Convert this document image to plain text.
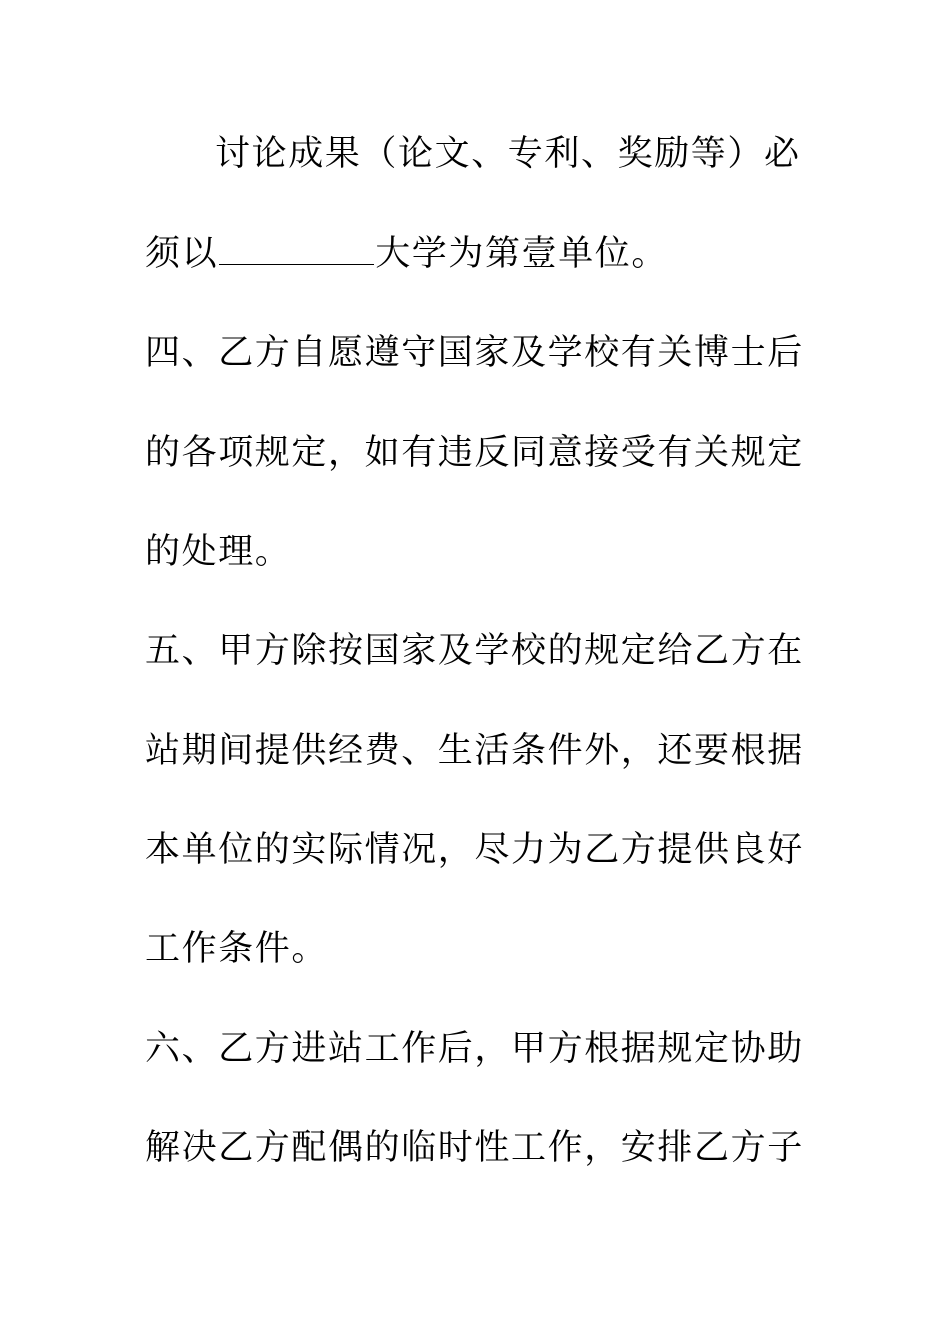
讨论成果（论文、专利、奖励等）必
须以	大学为第壹单位。
四、乙方自愿遵守国家及学校有关博士后
的各项规定，如有违反同意接受有关规定
的处理。
五、甲方除按国家及学校的规定给乙方在
站期间提供经费、生活条件外，还要根据
本单位的实际情况，尽力为乙方提供良好
工作条件。
六、乙方进站工作后，甲方根据规定协助
解决乙方配偶的临时性工作，安排乙方子
